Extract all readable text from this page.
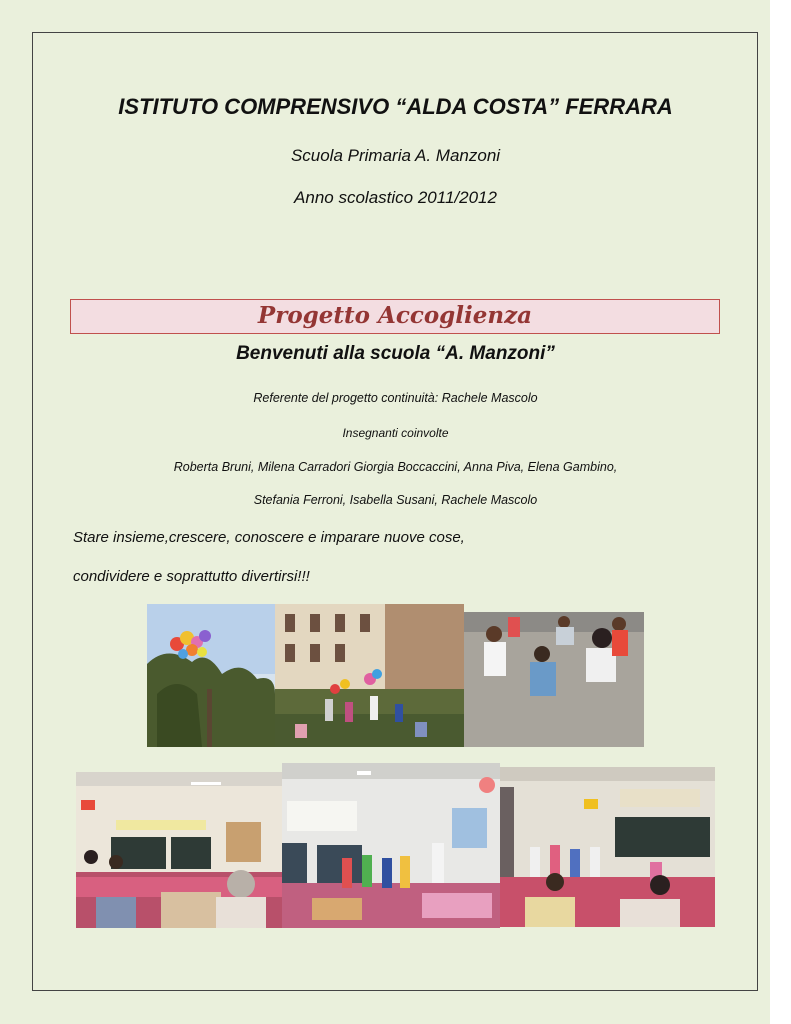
ISTITUTO COMPRENSIVO “ALDA COSTA” FERRARA
Scuola Primaria A. Manzoni
Anno scolastico 2011/2012
Progetto Accoglienza
Benvenuti alla scuola “A. Manzoni”
Referente del progetto continuità: Rachele Mascolo
Insegnanti coinvolte
Roberta Bruni, Milena Carradori Giorgia Boccaccini, Anna Piva, Elena Gambino,
Stefania Ferroni, Isabella Susani, Rachele Mascolo
Stare insieme,crescere, conoscere e imparare nuove cose,
condividere e soprattutto divertirsi!!!
